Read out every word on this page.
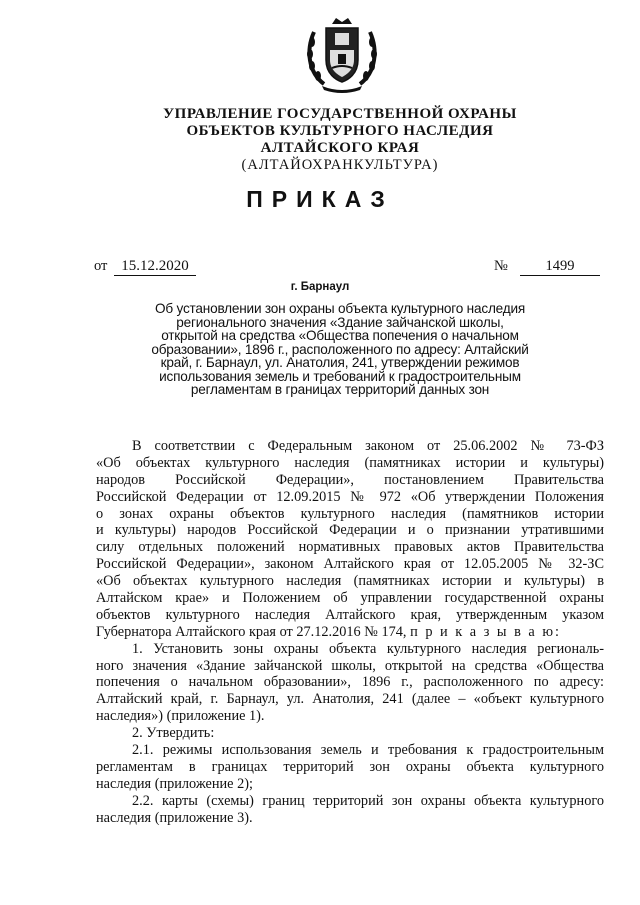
УПРАВЛЕНИЕ ГОСУДАРСТВЕННОЙ ОХРАНЫ
ОБЪЕКТОВ КУЛЬТУРНОГО НАСЛЕДИЯ
АЛТАЙСКОГО КРАЯ
(АЛТАЙОХРАНКУЛЬТУРА)
ПРИКАЗ
от 15.12.2020	№	1499
г. Барнаул
Об установлении зон охраны объекта культурного наследия
регионального значения «Здание зайчанской школы,
открытой на средства «Общества попечения о начальном
образовании», 1896 г., расположенного по адресу: Алтайский
край, г. Барнаул, ул. Анатолия, 241, утверждении режимов
использования земель и требований к градостроительным
регламентам в границах территорий данных зон
В соответствии с Федеральным законом от 25.06.2002 № 73-ФЗ
«Об объектах культурного наследия (памятниках истории и культуры)
народов Российской Федерации», постановлением Правительства
Российской Федерации от 12.09.2015 № 972 «Об утверждении Положения
о зонах охраны объектов культурного наследия (памятников истории
и культуры) народов Российской Федерации и о признании утратившими
силу отдельных положений нормативных правовых актов Правительства
Российской Федерации», законом Алтайского края от 12.05.2005 № 32-ЗС
«Об объектах культурного наследия (памятниках истории и культуры) в
Алтайском крае» и Положением об управлении государственной охраны
объектов культурного наследия Алтайского края, утвержденным указом
Губернатора Алтайского края от 27.12.2016 № 174, п р и к а з ы в а ю:
1. Установить зоны охраны объекта культурного наследия региональ-
ного значения «Здание зайчанской школы, открытой на средства «Общества
попечения о начальном образовании», 1896 г., расположенного по адресу:
Алтайский край, г. Барнаул, ул. Анатолия, 241 (далее – «объект культурного
наследия») (приложение 1).
2. Утвердить:
2.1. режимы использования земель и требования к градостроительным
регламентам в границах территорий зон охраны объекта культурного
наследия (приложение 2);
2.2. карты (схемы) границ территорий зон охраны объекта культурного
наследия (приложение 3).
